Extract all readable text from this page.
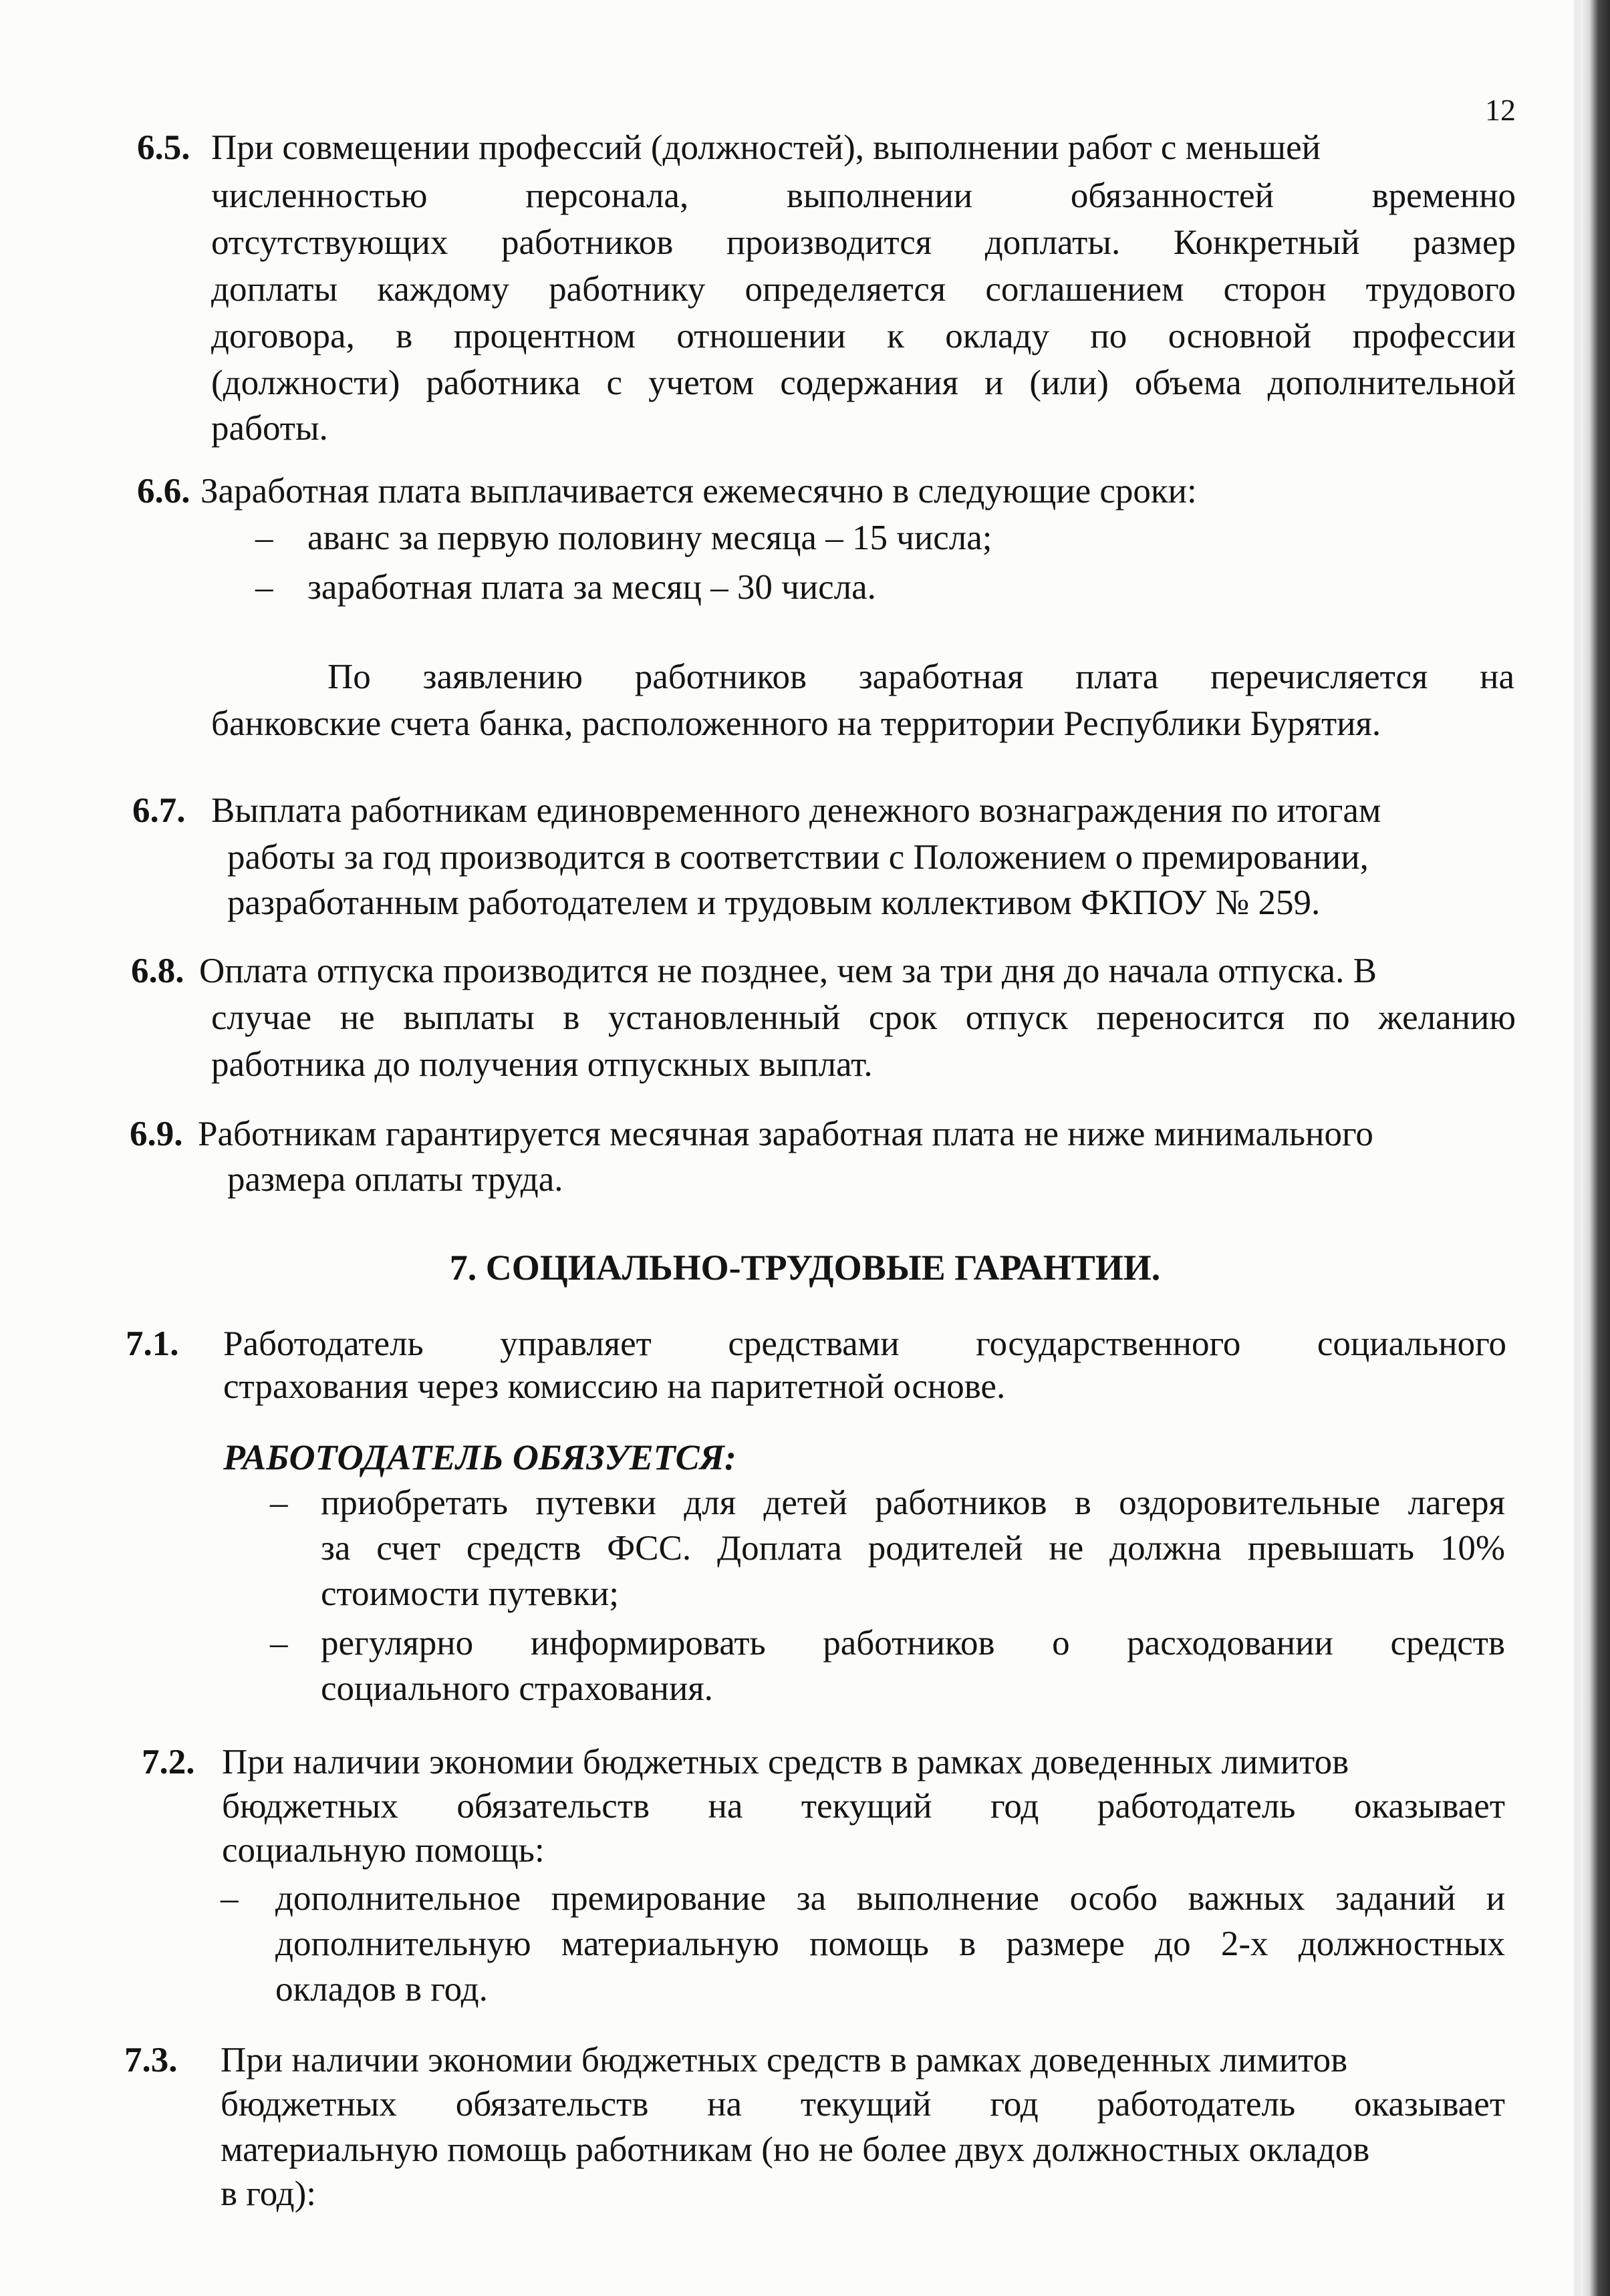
12
6.5. При совмещении профессий (должностей), выполнении работ с меньшей
численностью персонала, выполнении обязанностей временно
отсутствующих работников производится доплаты. Конкретный размер
доплаты каждому работнику определяется соглашением сторон трудового
договора, в процентном отношении к окладу по основной профессии
(должности) работника с учетом содержания и (или) объема дополнительной
работы.
6.6. Заработная плата выплачивается ежемесячно в следующие сроки:
– аванс за первую половину месяца – 15 числа;
– заработная плата за месяц – 30 числа.
По заявлению работников заработная плата перечисляется на
банковские счета банка, расположенного на территории Республики Бурятия.
6.7. Выплата работникам единовременного денежного вознаграждения по итогам
работы за год производится в соответствии с Положением о премировании,
разработанным работодателем и трудовым коллективом ФКПОУ № 259.
6.8. Оплата отпуска производится не позднее, чем за три дня до начала отпуска. В
случае не выплаты в установленный срок отпуск переносится по желанию
работника до получения отпускных выплат.
6.9. Работникам гарантируется месячная заработная плата не ниже минимального
размера оплаты труда.
7. СОЦИАЛЬНО-ТРУДОВЫЕ ГАРАНТИИ.
7.1. Работодатель управляет средствами государственного социального
страхования через комиссию на паритетной основе.
РАБОТОДАТЕЛЬ ОБЯЗУЕТСЯ:
– приобретать путевки для детей работников в оздоровительные лагеря
за счет средств ФСС. Доплата родителей не должна превышать 10%
стоимости путевки;
– регулярно информировать работников о расходовании средств
социального страхования.
7.2. При наличии экономии бюджетных средств в рамках доведенных лимитов
бюджетных обязательств на текущий год работодатель оказывает
социальную помощь:
– дополнительное премирование за выполнение особо важных заданий и
дополнительную материальную помощь в размере до 2-х должностных
окладов в год.
7.3. При наличии экономии бюджетных средств в рамках доведенных лимитов
бюджетных обязательств на текущий год работодатель оказывает
материальную помощь работникам (но не более двух должностных окладов
в год):
